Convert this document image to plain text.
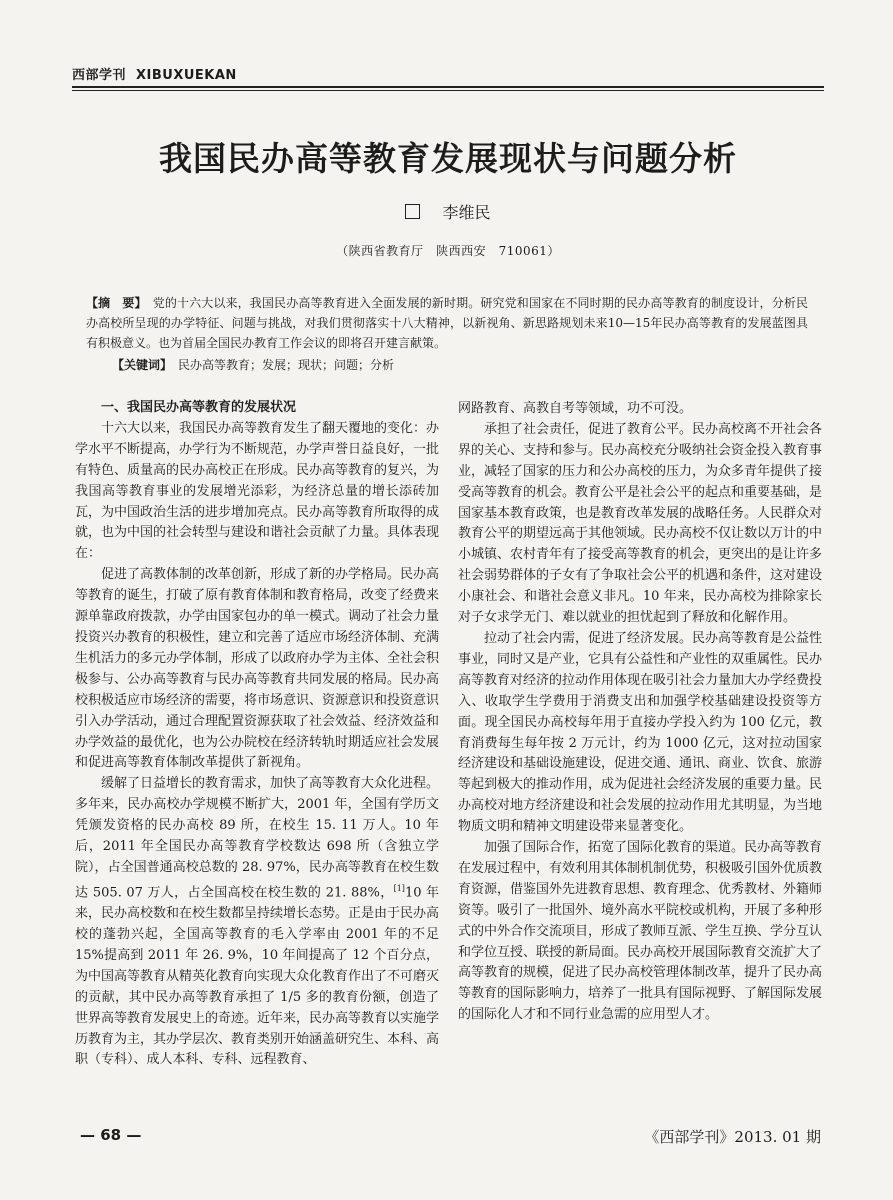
西部学刊 XIBUXUEKAN
我国民办高等教育发展现状与问题分析
李维民
（陕西省教育厅　陕西西安　710061）
【摘　要】 党的十六大以来，我国民办高等教育进入全面发展的新时期。研究党和国家在不同时期的民办高等教育的制度设计，分析民办高校所呈现的办学特征、问题与挑战，对我们贯彻落实十八大精神，以新视角、新思路规划未来10—15年民办高等教育的发展蓝图具有积极意义。也为首届全国民办教育工作会议的即将召开建言献策。
【关键词】 民办高等教育；发展；现状；问题；分析
一、我国民办高等教育的发展状况

十六大以来，我国民办高等教育发生了翻天覆地的变化：办学水平不断提高，办学行为不断规范，办学声誉日益良好，一批有特色、质量高的民办高校正在形成。民办高等教育的复兴，为我国高等教育事业的发展增光添彩，为经济总量的增长添砖加瓦，为中国政治生活的进步增加亮点。民办高等教育所取得的成就，也为中国的社会转型与建设和谐社会贡献了力量。具体表现在：

促进了高教体制的改革创新，形成了新的办学格局。民办高等教育的诞生，打破了原有教育体制和教育格局，改变了经费来源单靠政府拨款，办学由国家包办的单一模式。调动了社会力量投资兴办教育的积极性，建立和完善了适应市场经济体制、充满生机活力的多元办学体制，形成了以政府办学为主体、全社会积极参与、公办高等教育与民办高等教育共同发展的格局。民办高校积极适应市场经济的需要，将市场意识、资源意识和投资意识引入办学活动，通过合理配置资源获取了社会效益、经济效益和办学效益的最优化，也为公办院校在经济转轨时期适应社会发展和促进高等教育体制改革提供了新视角。

缓解了日益增长的教育需求，加快了高等教育大众化进程。多年来，民办高校办学规模不断扩大，2001 年，全国有学历文凭颁发资格的民办高校 89 所，在校生 15. 11 万人。10 年后，2011 年全国民办高等教育学校数达 698 所（含独立学院），占全国普通高校总数的 28. 97%，民办高等教育在校生数达 505. 07 万人，占全国高校在校生数的 21. 88%，[1]10 年来，民办高校数和在校生数都呈持续增长态势。正是由于民办高校的蓬勃兴起，全国高等教育的毛入学率由 2001 年的不足 15%提高到 2011 年 26. 9%，10 年间提高了 12 个百分点，为中国高等教育从精英化教育向实现大众化教育作出了不可磨灭的贡献，其中民办高等教育承担了 1/5 多的教育份额，创造了世界高等教育发展史上的奇迹。近年来，民办高等教育以实施学历教育为主，其办学层次、教育类别开始涵盖研究生、本科、高职（专科）、成人本科、专科、远程教育、

网路教育、高教自考等领域，功不可没。

承担了社会责任，促进了教育公平。民办高校离不开社会各界的关心、支持和参与。民办高校充分吸纳社会资金投入教育事业，减轻了国家的压力和公办高校的压力，为众多青年提供了接受高等教育的机会。教育公平是社会公平的起点和重要基础，是国家基本教育政策，也是教育改革发展的战略任务。人民群众对教育公平的期望远高于其他领域。民办高校不仅让数以万计的中小城镇、农村青年有了接受高等教育的机会，更突出的是让许多社会弱势群体的子女有了争取社会公平的机遇和条件，这对建设小康社会、和谐社会意义非凡。10 年来，民办高校为排除家长对子女求学无门、难以就业的担忧起到了释放和化解作用。

拉动了社会内需，促进了经济发展。民办高等教育是公益性事业，同时又是产业，它具有公益性和产业性的双重属性。民办高等教育对经济的拉动作用体现在吸引社会力量加大办学经费投入、收取学生学费用于消费支出和加强学校基础建设投资等方面。现全国民办高校每年用于直接办学投入约为 100 亿元，教育消费每生每年按 2 万元计，约为 1000 亿元，这对拉动国家经济建设和基础设施建设，促进交通、通讯、商业、饮食、旅游等起到极大的推动作用，成为促进社会经济发展的重要力量。民办高校对地方经济建设和社会发展的拉动作用尤其明显，为当地物质文明和精神文明建设带来显著变化。

加强了国际合作，拓宽了国际化教育的渠道。民办高等教育在发展过程中，有效利用其体制机制优势，积极吸引国外优质教育资源，借鉴国外先进教育思想、教育理念、优秀教材、外籍师资等。吸引了一批国外、境外高水平院校或机构，开展了多种形式的中外合作交流项目，形成了教师互派、学生互换、学分互认和学位互授、联授的新局面。民办高校开展国际教育交流扩大了高等教育的规模，促进了民办高校管理体制改革，提升了民办高等教育的国际影响力，培养了一批具有国际视野、了解国际发展的国际化人才和不同行业急需的应用型人才。

— 68 —	《西部学刊》2013. 01 期
